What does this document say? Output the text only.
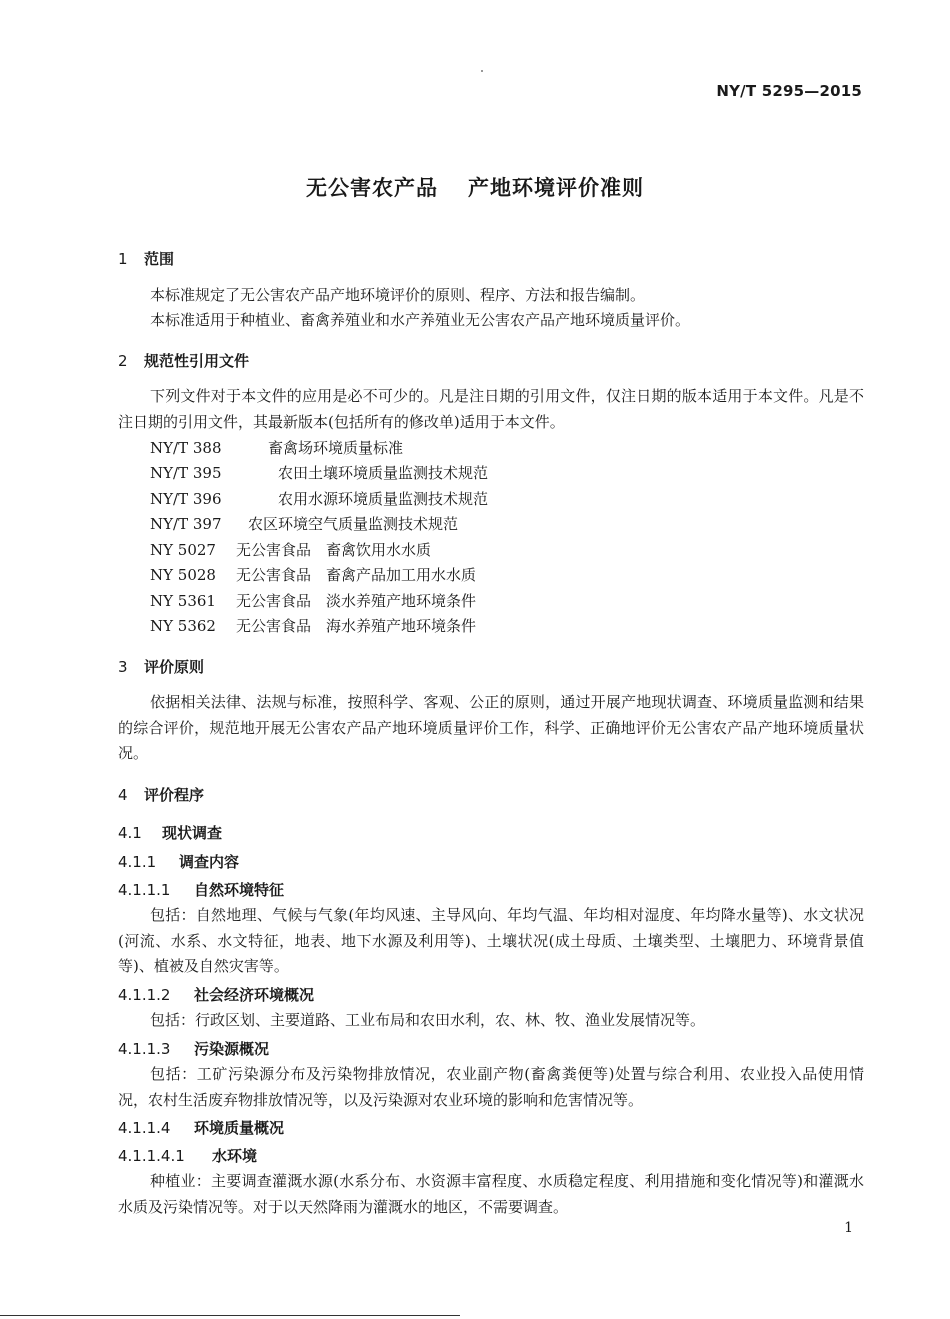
NY/T 5295—2015
无公害农产品 产地环境评价准则
1 范围

本标准规定了无公害农产品产地环境评价的原则、程序、方法和报告编制。

本标准适用于种植业、畜禽养殖业和水产养殖业无公害农产品产地环境质量评价。

2 规范性引用文件

下列文件对于本文件的应用是必不可少的。凡是注日期的引用文件，仅注日期的版本适用于本文件。凡是不注日期的引用文件，其最新版本(包括所有的修改单)适用于本文件。

NY/T 388	畜禽场环境质量标准
NY/T 395	农田土壤环境质量监测技术规范
NY/T 396	农用水源环境质量监测技术规范
NY/T 397 农区环境空气质量监测技术规范
NY 5027 无公害食品　畜禽饮用水水质
NY 5028 无公害食品　畜禽产品加工用水水质
NY 5361 无公害食品　淡水养殖产地环境条件
NY 5362 无公害食品　海水养殖产地环境条件
3 评价原则

依据相关法律、法规与标准，按照科学、客观、公正的原则，通过开展产地现状调查、环境质量监测和结果的综合评价，规范地开展无公害农产品产地环境质量评价工作，科学、正确地评价无公害农产品产地环境质量状况。

4 评价程序
4.1 现状调查
4.1.1 调查内容
4.1.1.1 自然环境特征

包括：自然地理、气候与气象(年均风速、主导风向、年均气温、年均相对湿度、年均降水量等)、水文状况(河流、水系、水文特征，地表、地下水源及利用等)、土壤状况(成土母质、土壤类型、土壤肥力、环境背景值等)、植被及自然灾害等。

4.1.1.2 社会经济环境概况

包括：行政区划、主要道路、工业布局和农田水利，农、林、牧、渔业发展情况等。

4.1.1.3 污染源概况

包括：工矿污染源分布及污染物排放情况，农业副产物(畜禽粪便等)处置与综合利用、农业投入品使用情况，农村生活废弃物排放情况等，以及污染源对农业环境的影响和危害情况等。

4.1.1.4 环境质量概况
4.1.1.4.1 水环境

种植业：主要调查灌溉水源(水系分布、水资源丰富程度、水质稳定程度、利用措施和变化情况等)和灌溉水水质及污染情况等。对于以天然降雨为灌溉水的地区，不需要调查。

1
